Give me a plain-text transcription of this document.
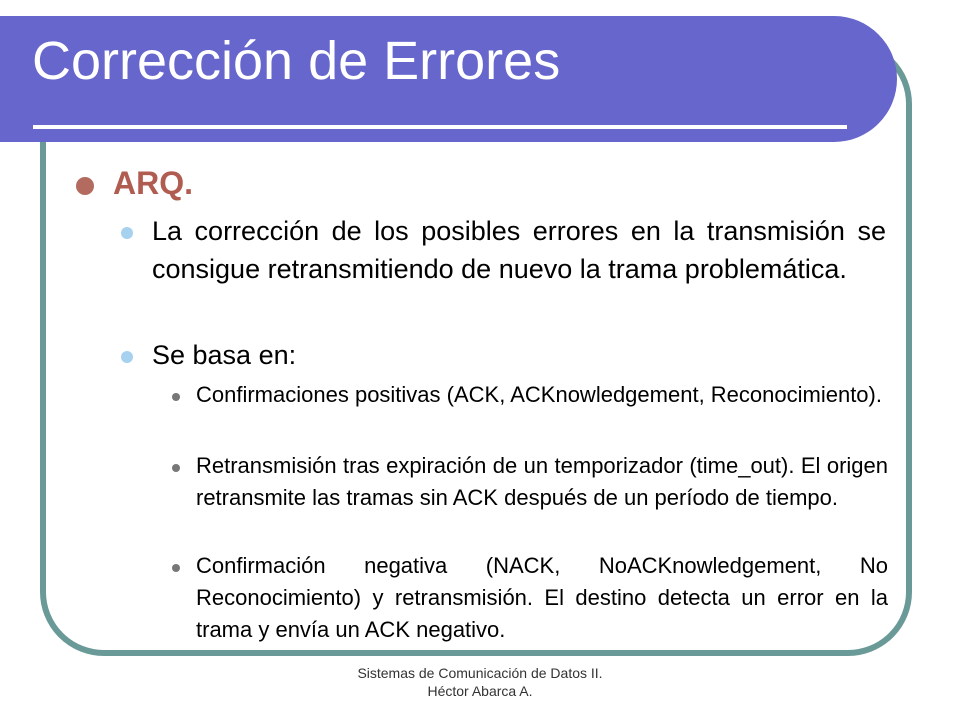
Corrección de Errores
ARQ.
La corrección de los posibles errores en la transmisión se consigue retransmitiendo de nuevo la trama problemática.
Se basa en:
Confirmaciones positivas (ACK, ACKnowledgement, Reconocimiento).
Retransmisión tras expiración de un temporizador (time_out). El origen retransmite las tramas sin ACK después de un período de tiempo.
Confirmación negativa (NACK, NoACKnowledgement, No Reconocimiento) y retransmisión. El destino detecta un error en la trama y envía un ACK negativo.
Sistemas de Comunicación de Datos II.
Héctor Abarca A.
